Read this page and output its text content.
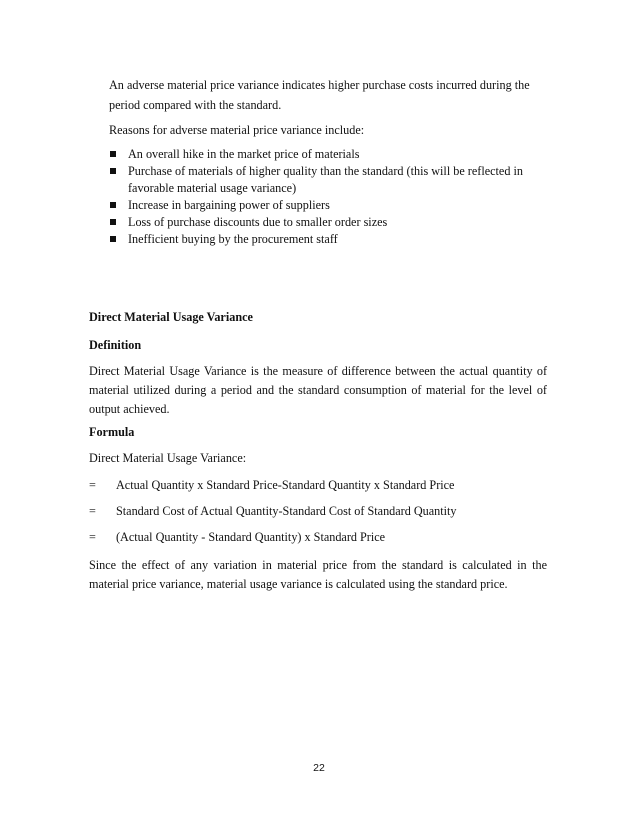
An adverse material price variance indicates higher purchase costs incurred during the period compared with the standard.
Reasons for adverse material price variance include:
An overall hike in the market price of materials
Purchase of materials of higher quality than the standard (this will be reflected in favorable material usage variance)
Increase in bargaining power of suppliers
Loss of purchase discounts due to smaller order sizes
Inefficient buying by the procurement staff
Direct Material Usage Variance
Definition
Direct Material Usage Variance is the measure of difference between the actual quantity of material utilized during a period and the standard consumption of material for the level of output achieved.
Formula
Direct Material Usage Variance:
= Actual Quantity x Standard Price-Standard Quantity x Standard Price
= Standard Cost of Actual Quantity-Standard Cost of Standard Quantity
= (Actual Quantity - Standard Quantity) x Standard Price
Since the effect of any variation in material price from the standard is calculated in the material price variance, material usage variance is calculated using the standard price.
22
